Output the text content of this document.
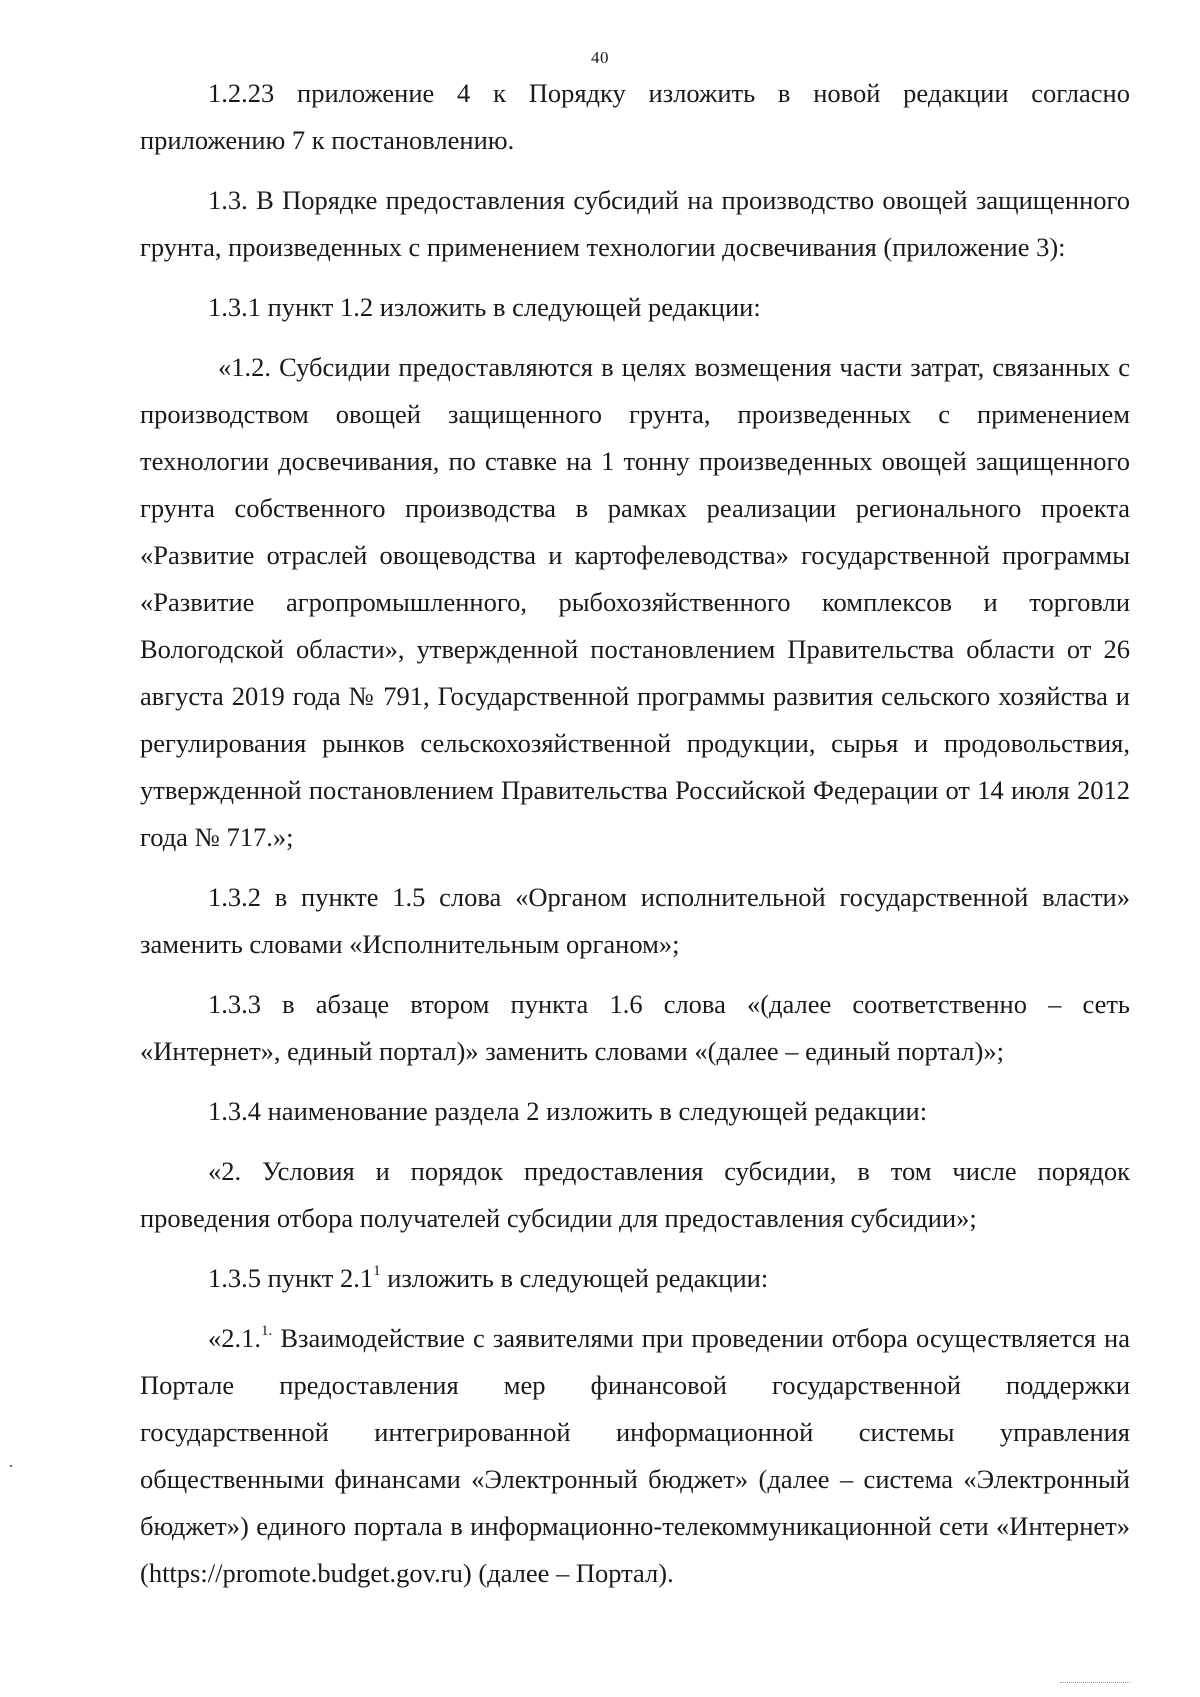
40

1.2.23 приложение 4 к Порядку изложить в новой редакции согласно приложению 7 к постановлению.

1.3. В Порядке предоставления субсидий на производство овощей защищенного грунта, произведенных с применением технологии досвечивания (приложение 3):

1.3.1 пункт 1.2 изложить в следующей редакции:

«1.2. Субсидии предоставляются в целях возмещения части затрат, связанных с производством овощей защищенного грунта, произведенных с применением технологии досвечивания, по ставке на 1 тонну произведенных овощей защищенного грунта собственного производства в рамках реализации регионального проекта «Развитие отраслей овощеводства и картофелеводства» государственной программы «Развитие агропромышленного, рыбохозяйственного комплексов и торговли Вологодской области», утвержденной постановлением Правительства области от 26 августа 2019 года № 791, Государственной программы развития сельского хозяйства и регулирования рынков сельскохозяйственной продукции, сырья и продовольствия, утвержденной постановлением Правительства Российской Федерации от 14 июля 2012 года № 717.»;

1.3.2 в пункте 1.5 слова «Органом исполнительной государственной власти» заменить словами «Исполнительным органом»;

1.3.3 в абзаце втором пункта 1.6 слова «(далее соответственно – сеть «Интернет», единый портал)» заменить словами «(далее – единый портал)»;

1.3.4 наименование раздела 2 изложить в следующей редакции:

«2. Условия и порядок предоставления субсидии, в том числе порядок проведения отбора получателей субсидии для предоставления субсидии»;

1.3.5 пункт $2.1^1$ изложить в следующей редакции:

«2.1.$^{1.}$ Взаимодействие с заявителями при проведении отбора осуществляется на Портале предоставления мер финансовой государственной поддержки государственной интегрированной информационной системы управления общественными финансами «Электронный бюджет» (далее – система «Электронный бюджет») единого портала в информационно-телекоммуникационной сети «Интернет» (https://promote.budget.gov.ru) (далее – Портал).
